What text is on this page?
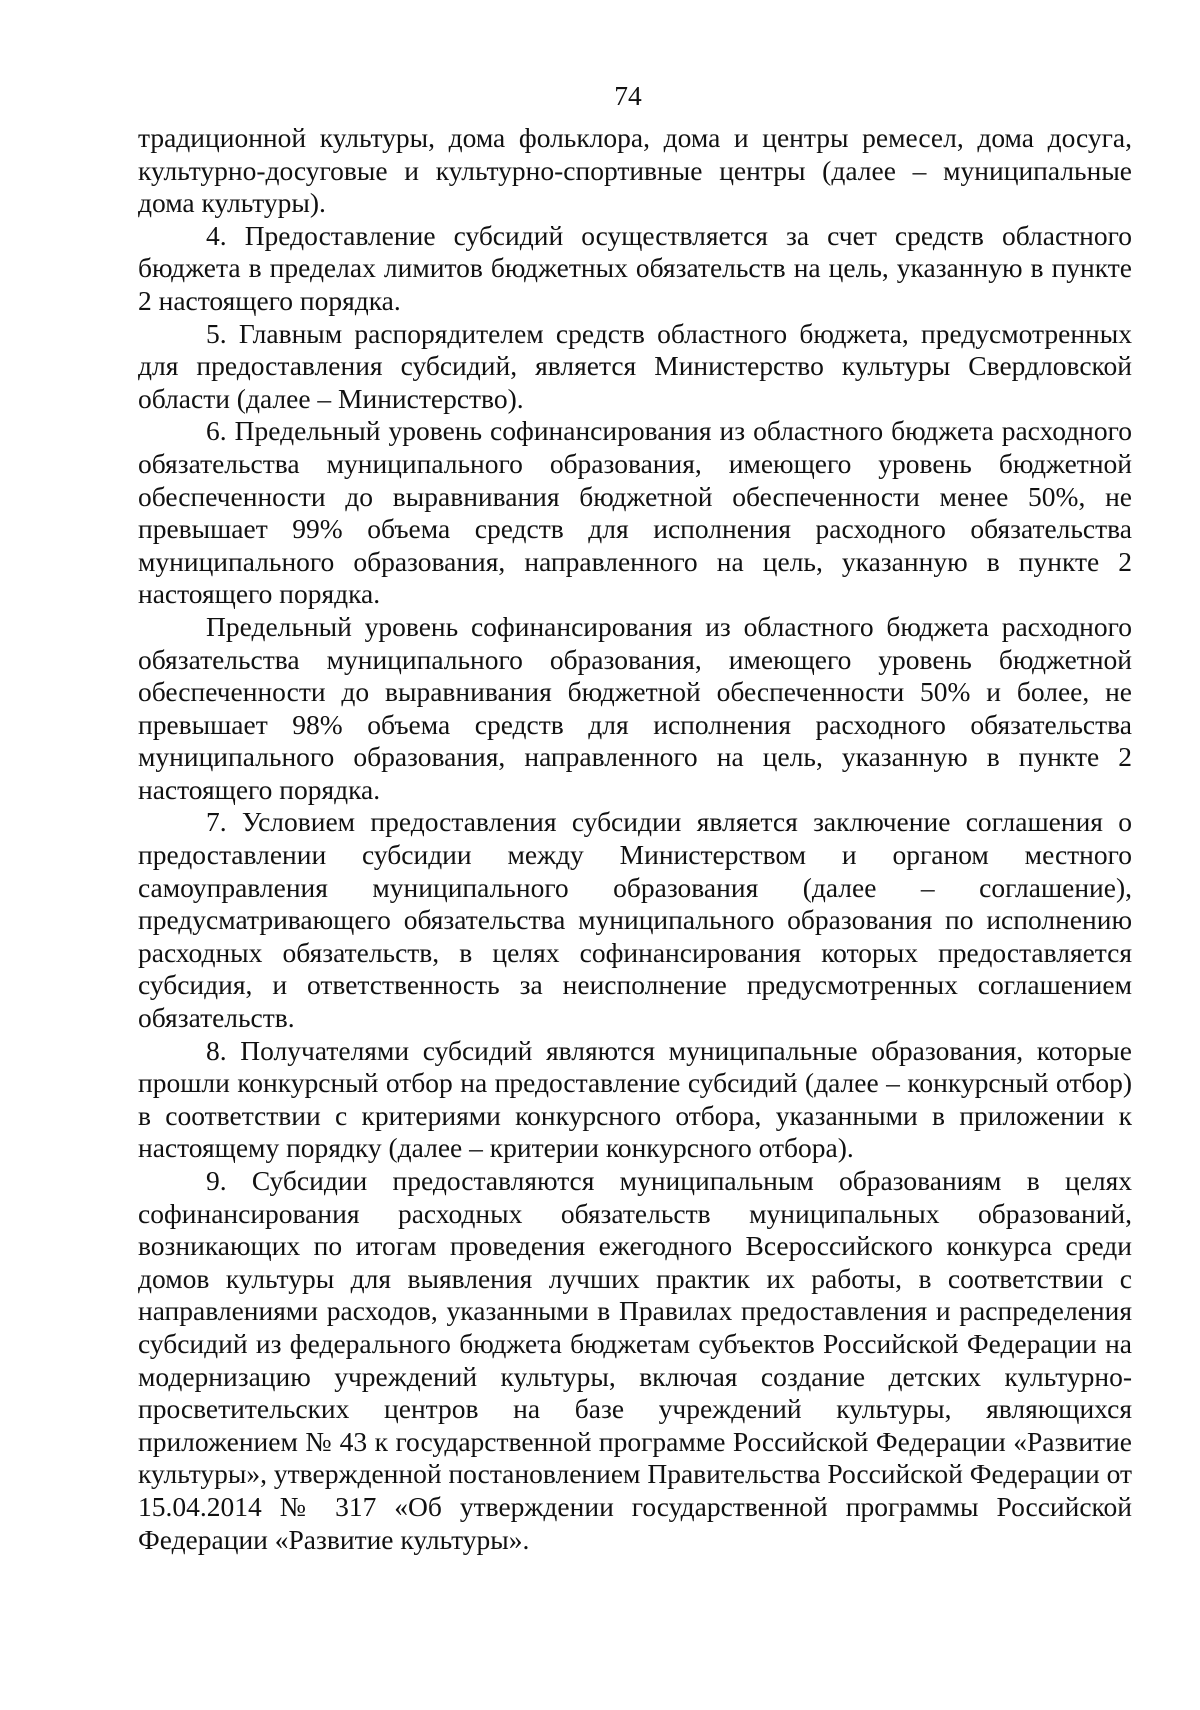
74

традиционной культуры, дома фольклора, дома и центры ремесел, дома досуга, культурно-досуговые и культурно-спортивные центры (далее – муниципальные дома культуры).

4. Предоставление субсидий осуществляется за счет средств областного бюджета в пределах лимитов бюджетных обязательств на цель, указанную в пункте 2 настоящего порядка.

5. Главным распорядителем средств областного бюджета, предусмотренных для предоставления субсидий, является Министерство культуры Свердловской области (далее – Министерство).

6. Предельный уровень софинансирования из областного бюджета расходного обязательства муниципального образования, имеющего уровень бюджетной обеспеченности до выравнивания бюджетной обеспеченности менее 50%, не превышает 99% объема средств для исполнения расходного обязательства муниципального образования, направленного на цель, указанную в пункте 2 настоящего порядка.

Предельный уровень софинансирования из областного бюджета расходного обязательства муниципального образования, имеющего уровень бюджетной обеспеченности до выравнивания бюджетной обеспеченности 50% и более, не превышает 98% объема средств для исполнения расходного обязательства муниципального образования, направленного на цель, указанную в пункте 2 настоящего порядка.

7. Условием предоставления субсидии является заключение соглашения о предоставлении субсидии между Министерством и органом местного самоуправления муниципального образования (далее – соглашение), предусматривающего обязательства муниципального образования по исполнению расходных обязательств, в целях софинансирования которых предоставляется субсидия, и ответственность за неисполнение предусмотренных соглашением обязательств.

8. Получателями субсидий являются муниципальные образования, которые прошли конкурсный отбор на предоставление субсидий (далее – конкурсный отбор) в соответствии с критериями конкурсного отбора, указанными в приложении к настоящему порядку (далее – критерии конкурсного отбора).

9. Субсидии предоставляются муниципальным образованиям в целях софинансирования расходных обязательств муниципальных образований, возникающих по итогам проведения ежегодного Всероссийского конкурса среди домов культуры для выявления лучших практик их работы, в соответствии с направлениями расходов, указанными в Правилах предоставления и распределения субсидий из федерального бюджета бюджетам субъектов Российской Федерации на модернизацию учреждений культуры, включая создание детских культурно-просветительских центров на базе учреждений культуры, являющихся приложением № 43 к государственной программе Российской Федерации «Развитие культуры», утвержденной постановлением Правительства Российской Федерации от 15.04.2014 № 317 «Об утверждении государственной программы Российской Федерации «Развитие культуры».
